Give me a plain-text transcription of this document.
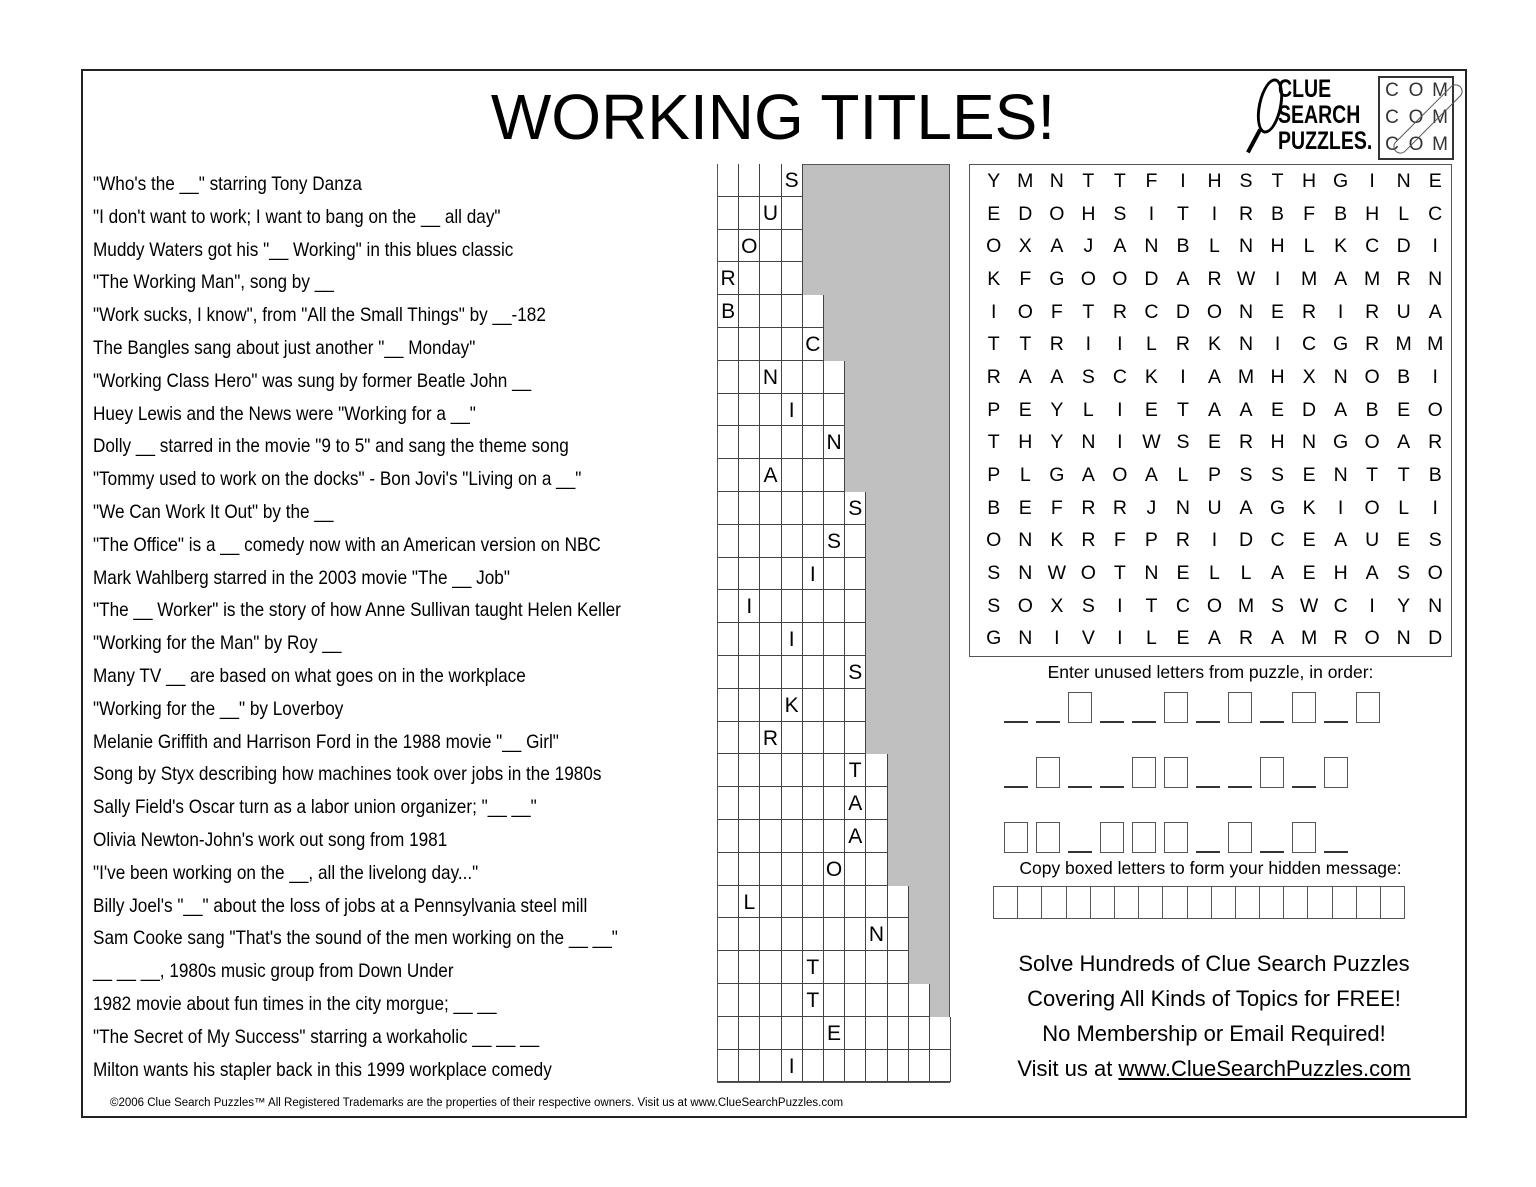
WORKING TITLES!	CLUE
SEARCH
PUZZLES.
C O M
C O M
C O M
"Who's the __" starring Tony Danza
"I don't want to work; I want to bang on the __ all day"
Muddy Waters got his "__ Working" in this blues classic
"The Working Man", song by __
"Work sucks, I know", from "All the Small Things" by __-182
The Bangles sang about just another "__ Monday"
"Working Class Hero" was sung by former Beatle John __
Huey Lewis and the News were "Working for a __"
Dolly __ starred in the movie "9 to 5" and sang the theme song
"Tommy used to work on the docks" - Bon Jovi's "Living on a __"
"We Can Work It Out" by the __
"The Office" is a __ comedy now with an American version on NBC
Mark Wahlberg starred in the 2003 movie "The __ Job"
"The __ Worker" is the story of how Anne Sullivan taught Helen Keller
"Working for the Man" by Roy __
Many TV __ are based on what goes on in the workplace
"Working for the __" by Loverboy
Melanie Griffith and Harrison Ford in the 1988 movie "__ Girl"
Song by Styx describing how machines took over jobs in the 1980s
Sally Field's Oscar turn as a labor union organizer; "__ __"
Olivia Newton-John's work out song from 1981
"I've been working on the __, all the livelong day..."
Billy Joel's "__" about the loss of jobs at a Pennsylvania steel mill
Sam Cooke sang "That's the sound of the men working on the __ __"
__ __ __, 1980s music group from Down Under
1982 movie about fun times in the city morgue; __ __
"The Secret of My Success" starring a workaholic __ __ __
Milton wants his stapler back in this 1999 workplace comedy
S
U
O
R
B
C
N
I
N
A
S
S
I
I
I
S
K
R
T
A
A
O
L
N
T
T
E
I
Y M N T	T	F	I	H S T H G	I	N E
E D O H S	I	T	I	R B F B H L C
O X A	J	A N B	L N H L	K C D	I
K F G O O D A R W	I	M A M R N
I	O F	T R C D O N E R	I	R U A
T	T R	I	I	L R K N	I	C G R M M
R A A S C K	I	A M H X N O B	I
P E Y	L	I	E T A A E D A B E O
T H Y N	I	W S E R H N G O A R
P	L G A O A	L	P S S E N T	T B
B E F R R	J	N U A G K	I	O L	I
O N K R F P R	I	D C E A U E S
S N W O T N E	L	L	A E H A S O
S O X S	I	T C O M S W C	I	Y N
G N	I	V	I	L	E A R A M R O N D
Enter unused letters from puzzle, in order:
Copy boxed letters to form your hidden message:
Solve Hundreds of Clue Search Puzzles
Covering All Kinds of Topics for FREE!
No Membership or Email Required!
Visit us at www.ClueSearchPuzzles.com
©2006 Clue Search Puzzles™ All Registered Trademarks are the properties of their respective owners. Visit us at www.ClueSearchPuzzles.com
